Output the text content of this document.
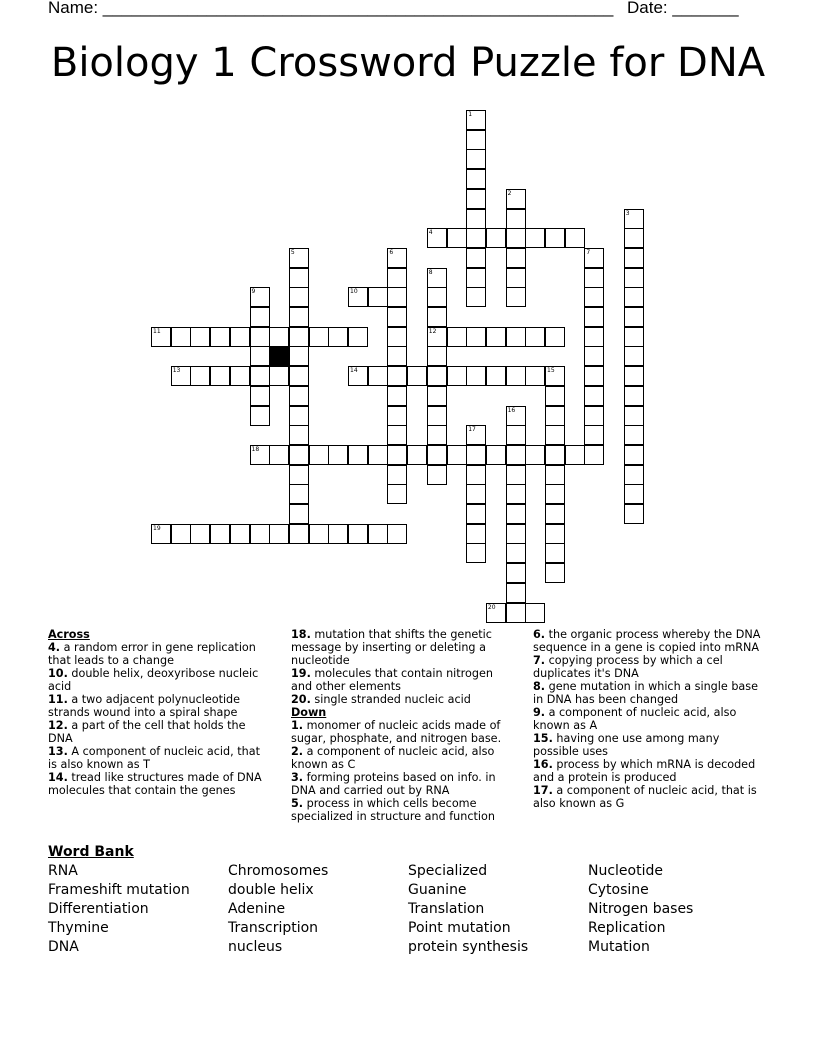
Name: ______________________________________________________ Date: _______
Biology 1 Crossword Puzzle for DNA
1
2
3
4
5	6	7
8
12
9	10
11
13	14	15
16
17
18
19
20
Across
4. a random error in gene replication that leads to a change
10. double helix, deoxyribose nucleic acid
11. a two adjacent polynucleotide strands wound into a spiral shape
12. a part of the cell that holds the DNA
13. A component of nucleic acid, that is also known as T
14. tread like structures made of DNA molecules that contain the genes
18. mutation that shifts the genetic message by inserting or deleting a nucleotide
19. molecules that contain nitrogen and other elements
20. single stranded nucleic acid
Down
1. monomer of nucleic acids made of sugar, phosphate, and nitrogen base.
2. a component of nucleic acid, also known as C
3. forming proteins based on info. in DNA and carried out by RNA
5. process in which cells become specialized in structure and function
6. the organic process whereby the DNA sequence in a gene is copied into mRNA
7. copying process by which a cel duplicates it's DNA
8. gene mutation in which a single base in DNA has been changed
9. a component of nucleic acid, also known as A
15. having one use among many possible uses
16. process by which mRNA is decoded and a protein is produced
17. a component of nucleic acid, that is also known as G
Word Bank
RNA
Frameshift mutation
Differentiation
Thymine
DNA
Chromosomes
double helix
Adenine
Transcription
nucleus
Specialized
Guanine
Translation
Point mutation
protein synthesis
Nucleotide
Cytosine
Nitrogen bases
Replication
Mutation
